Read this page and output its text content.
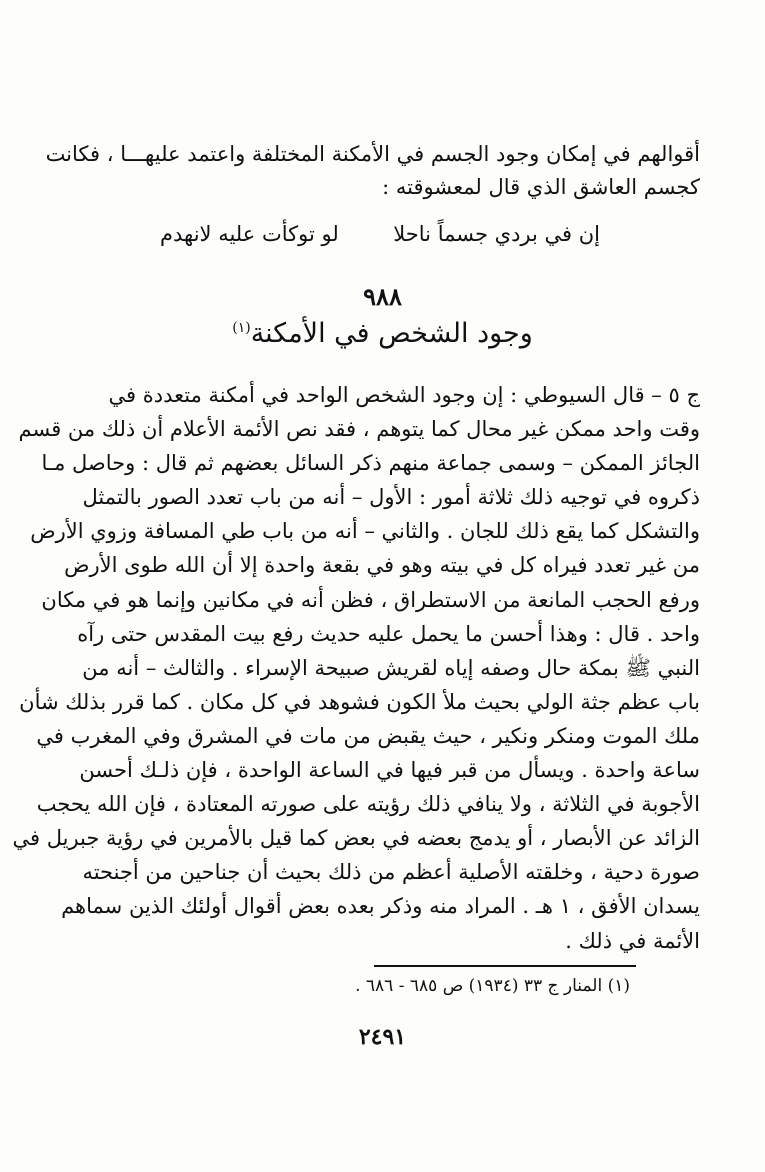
أقوالهم في إمكان وجود الجسم في الأمكنة المختلفة واعتمد عليهـــا ، فكانت
كجسم العاشق الذي قال لمعشوقته :
إن في بردي جسماً ناحلا
لو توكأت عليه لانهدم
٩٨٨
وجود الشخص في الأمكنة$^{(١)}$
ج ٥ – قال السيوطي : إن وجود الشخص الواحد في أمكنة متعددة في
وقت واحد ممكن غير محال كما يتوهم ، فقد نص الأئمة الأعلام أن ذلك من قسم
الجائز الممكن – وسمى جماعة منهم ذكر السائل بعضهم ثم قال : وحاصل مـا
ذكروه في توجيه ذلك ثلاثة أمور : الأول – أنه من باب تعدد الصور بالتمثل
والتشكل كما يقع ذلك للجان . والثاني – أنه من باب طي المسافة وزوي الأرض
من غير تعدد فيراه كل في بيته وهو في بقعة واحدة إلا أن الله طوى الأرض
ورفع الحجب المانعة من الاستطراق ، فظن أنه في مكانين وإنما هو في مكان
واحد . قال : وهذا أحسن ما يحمل عليه حديث رفع بيت المقدس حتى رآه
النبي ﷺ بمكة حال وصفه إياه لقريش صبيحة الإسراء . والثالث – أنه من
باب عظم جثة الولي بحيث ملأ الكون فشوهد في كل مكان . كما قرر بذلك شأن
ملك الموت ومنكر ونكير ، حيث يقبض من مات في المشرق وفي المغرب في
ساعة واحدة . ويسأل من قبر فيها في الساعة الواحدة ، فإن ذلـك أحسن
الأجوبة في الثلاثة ، ولا ينافي ذلك رؤيته على صورته المعتادة ، فإن الله يحجب
الزائد عن الأبصار ، أو يدمج بعضه في بعض كما قيل بالأمرين في رؤية جبريل في
صورة دحية ، وخلقته الأصلية أعظم من ذلك بحيث أن جناحين من أجنحته
يسدان الأفق ، ١ هـ . المراد منه وذكر بعده بعض أقوال أولئك الذين سماهم
الأئمة في ذلك .
(١) المنار ج ٣٣ (١٩٣٤) ص ٦٨٥ - ٦٨٦ .
٢٤٩١
